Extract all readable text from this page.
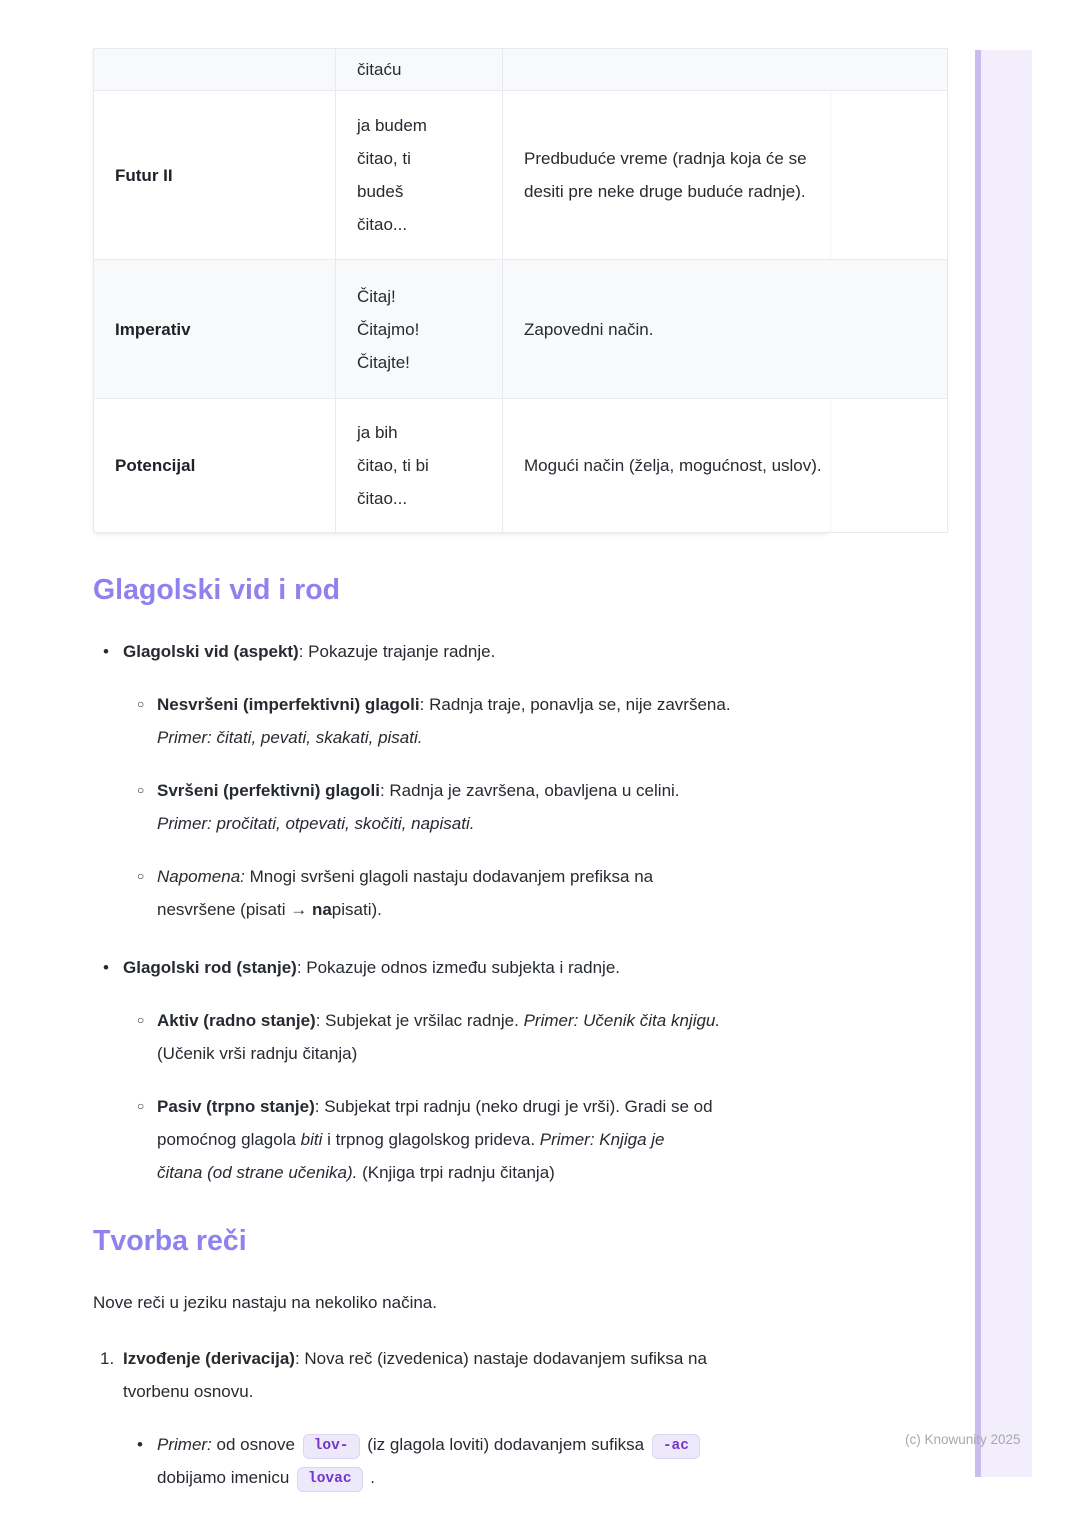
	čitaću	
Futur II	ja budem
čitao, ti
budeš
čitao...	Predbuduće vreme (radnja koja će se
desiti pre neke druge buduće radnje).
Imperativ	Čitaj!
Čitajmo!
Čitajte!	Zapovedni način.
Potencijal	ja bih
čitao, ti bi
čitao...	Mogući način (želja, mogućnost, uslov).
Glagolski vid i rod
• Glagolski vid (aspekt): Pokazuje trajanje radnje.
○ Nesvršeni (imperfektivni) glagoli: Radnja traje, ponavlja se, nije završena.
Primer: čitati, pevati, skakati, pisati.
○ Svršeni (perfektivni) glagoli: Radnja je završena, obavljena u celini.
Primer: pročitati, otpevati, skočiti, napisati.
○ Napomena: Mnogi svršeni glagoli nastaju dodavanjem prefiksa na
nesvršene (pisati → napisati).
• Glagolski rod (stanje): Pokazuje odnos između subjekta i radnje.
○ Aktiv (radno stanje): Subjekat je vršilac radnje. Primer: Učenik čita knjigu.
(Učenik vrši radnju čitanja)
○ Pasiv (trpno stanje): Subjekat trpi radnju (neko drugi je vrši). Gradi se od
pomoćnog glagola biti i trpnog glagolskog prideva. Primer: Knjiga je
čitana (od strane učenika). (Knjiga trpi radnju čitanja)
Tvorba reči

Nove reči u jeziku nastaju na nekoliko načina.

1. Izvođenje (derivacija): Nova reč (izvedenica) nastaje dodavanjem sufiksa na
tvorbenu osnovu.
• Primer: od osnove lov- (iz glagola loviti) dodavanjem sufiksa -ac
dobijamo imenicu lovac .
(c) Knowunity 2025
